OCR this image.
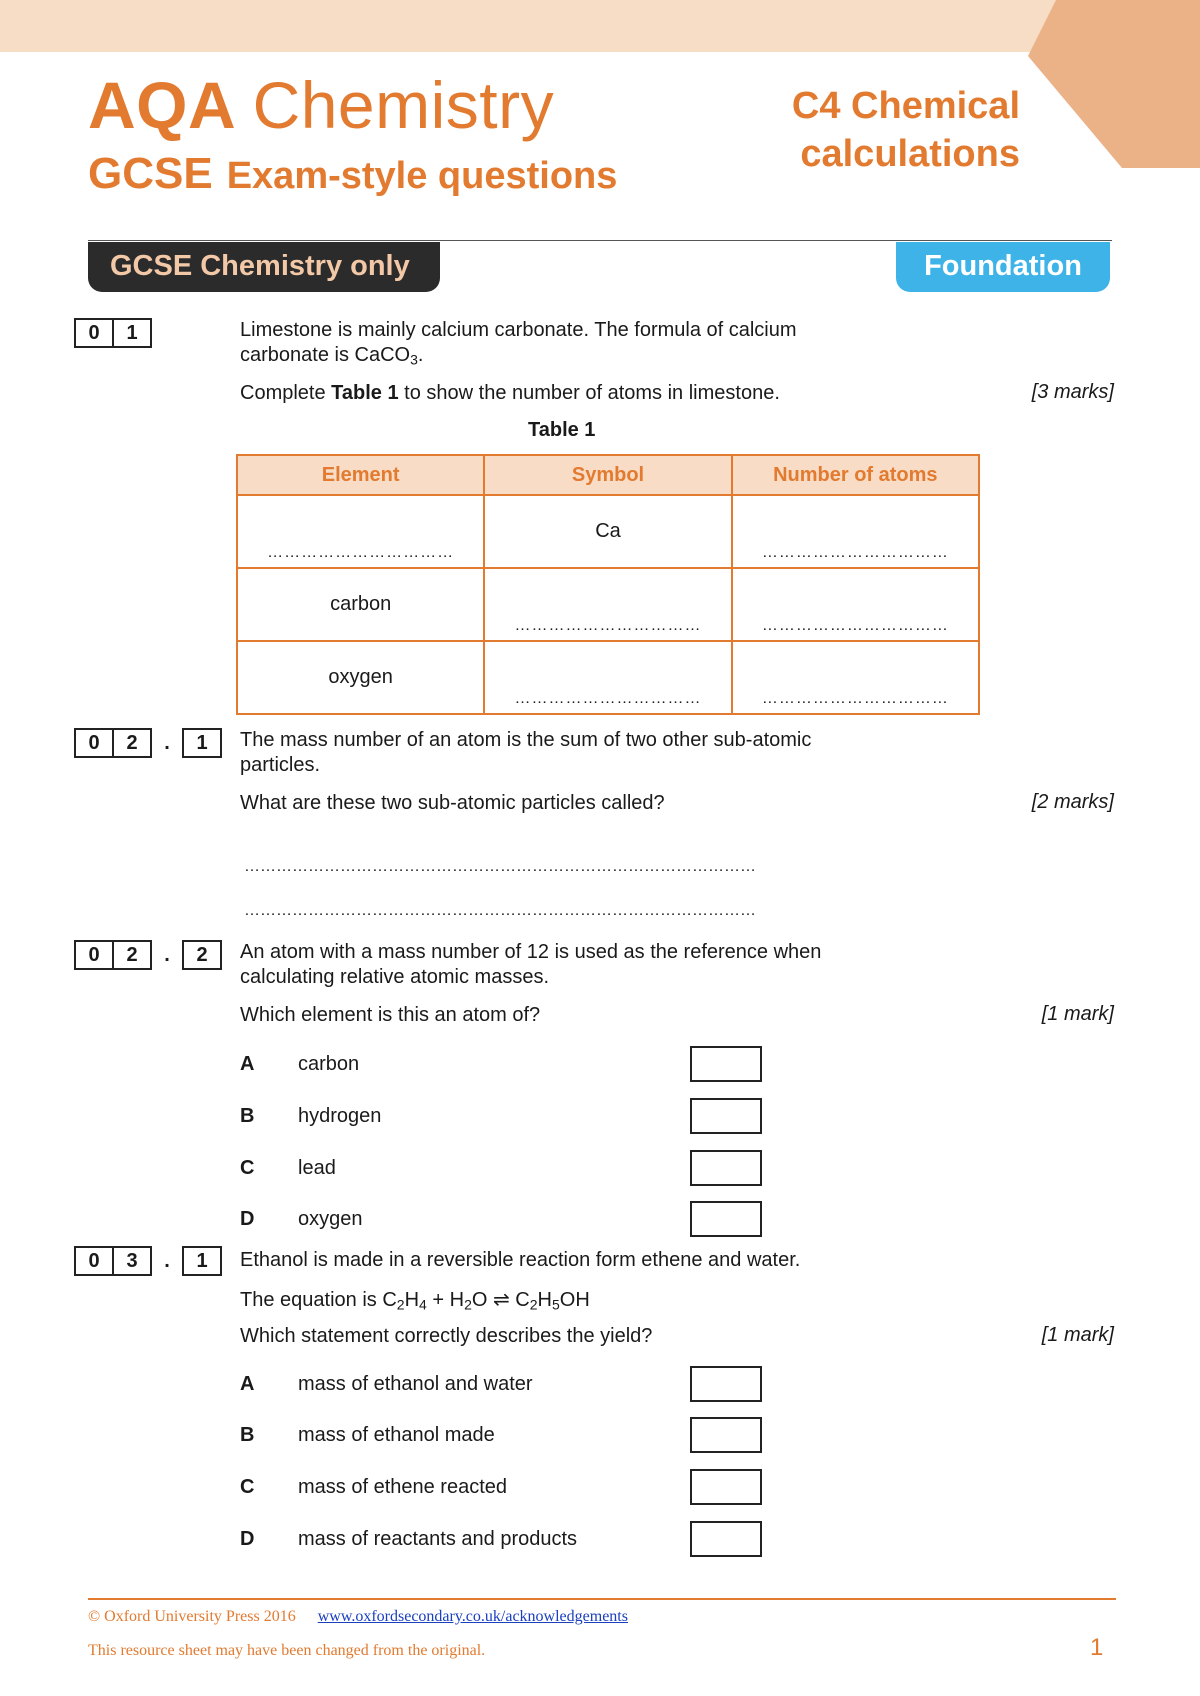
AQA Chemistry
GCSE Exam-style questions
C4 Chemical
calculations
GCSE Chemistry only	Foundation
0	1	Limestone is mainly calcium carbonate. The formula of calcium
carbonate is CaCO$_3$.
Complete Table 1 to show the number of atoms in limestone.	[3 marks]
Table 1
Element	Symbol	Number of atoms

……………………………	Ca	……………………………

carbon	……………………………	……………………………

oxygen	……………………………	……………………………
0	2	.	1	The mass number of an atom is the sum of two other sub-atomic
particles.
What are these two sub-atomic particles called?	[2 marks]
……………………………………………………………………………………
……………………………………………………………………………………
0	2	.	2	An atom with a mass number of 12 is used as the reference when
calculating relative atomic masses.
Which element is this an atom of?	[1 mark]
A	carbon
B	hydrogen
C	lead
D	oxygen
0	3	.	1	Ethanol is made in a reversible reaction form ethene and water.
The equation is $C_2H_4 + H_2O$ ⇌ $C_2H_5OH$
Which statement correctly describes the yield?	[1 mark]
A	mass of ethanol and water
B	mass of ethanol made
C	mass of ethene reacted
D	mass of reactants and products
© Oxford University Press 2016 www.oxfordsecondary.co.uk/acknowledgements
This resource sheet may have been changed from the original.	1
